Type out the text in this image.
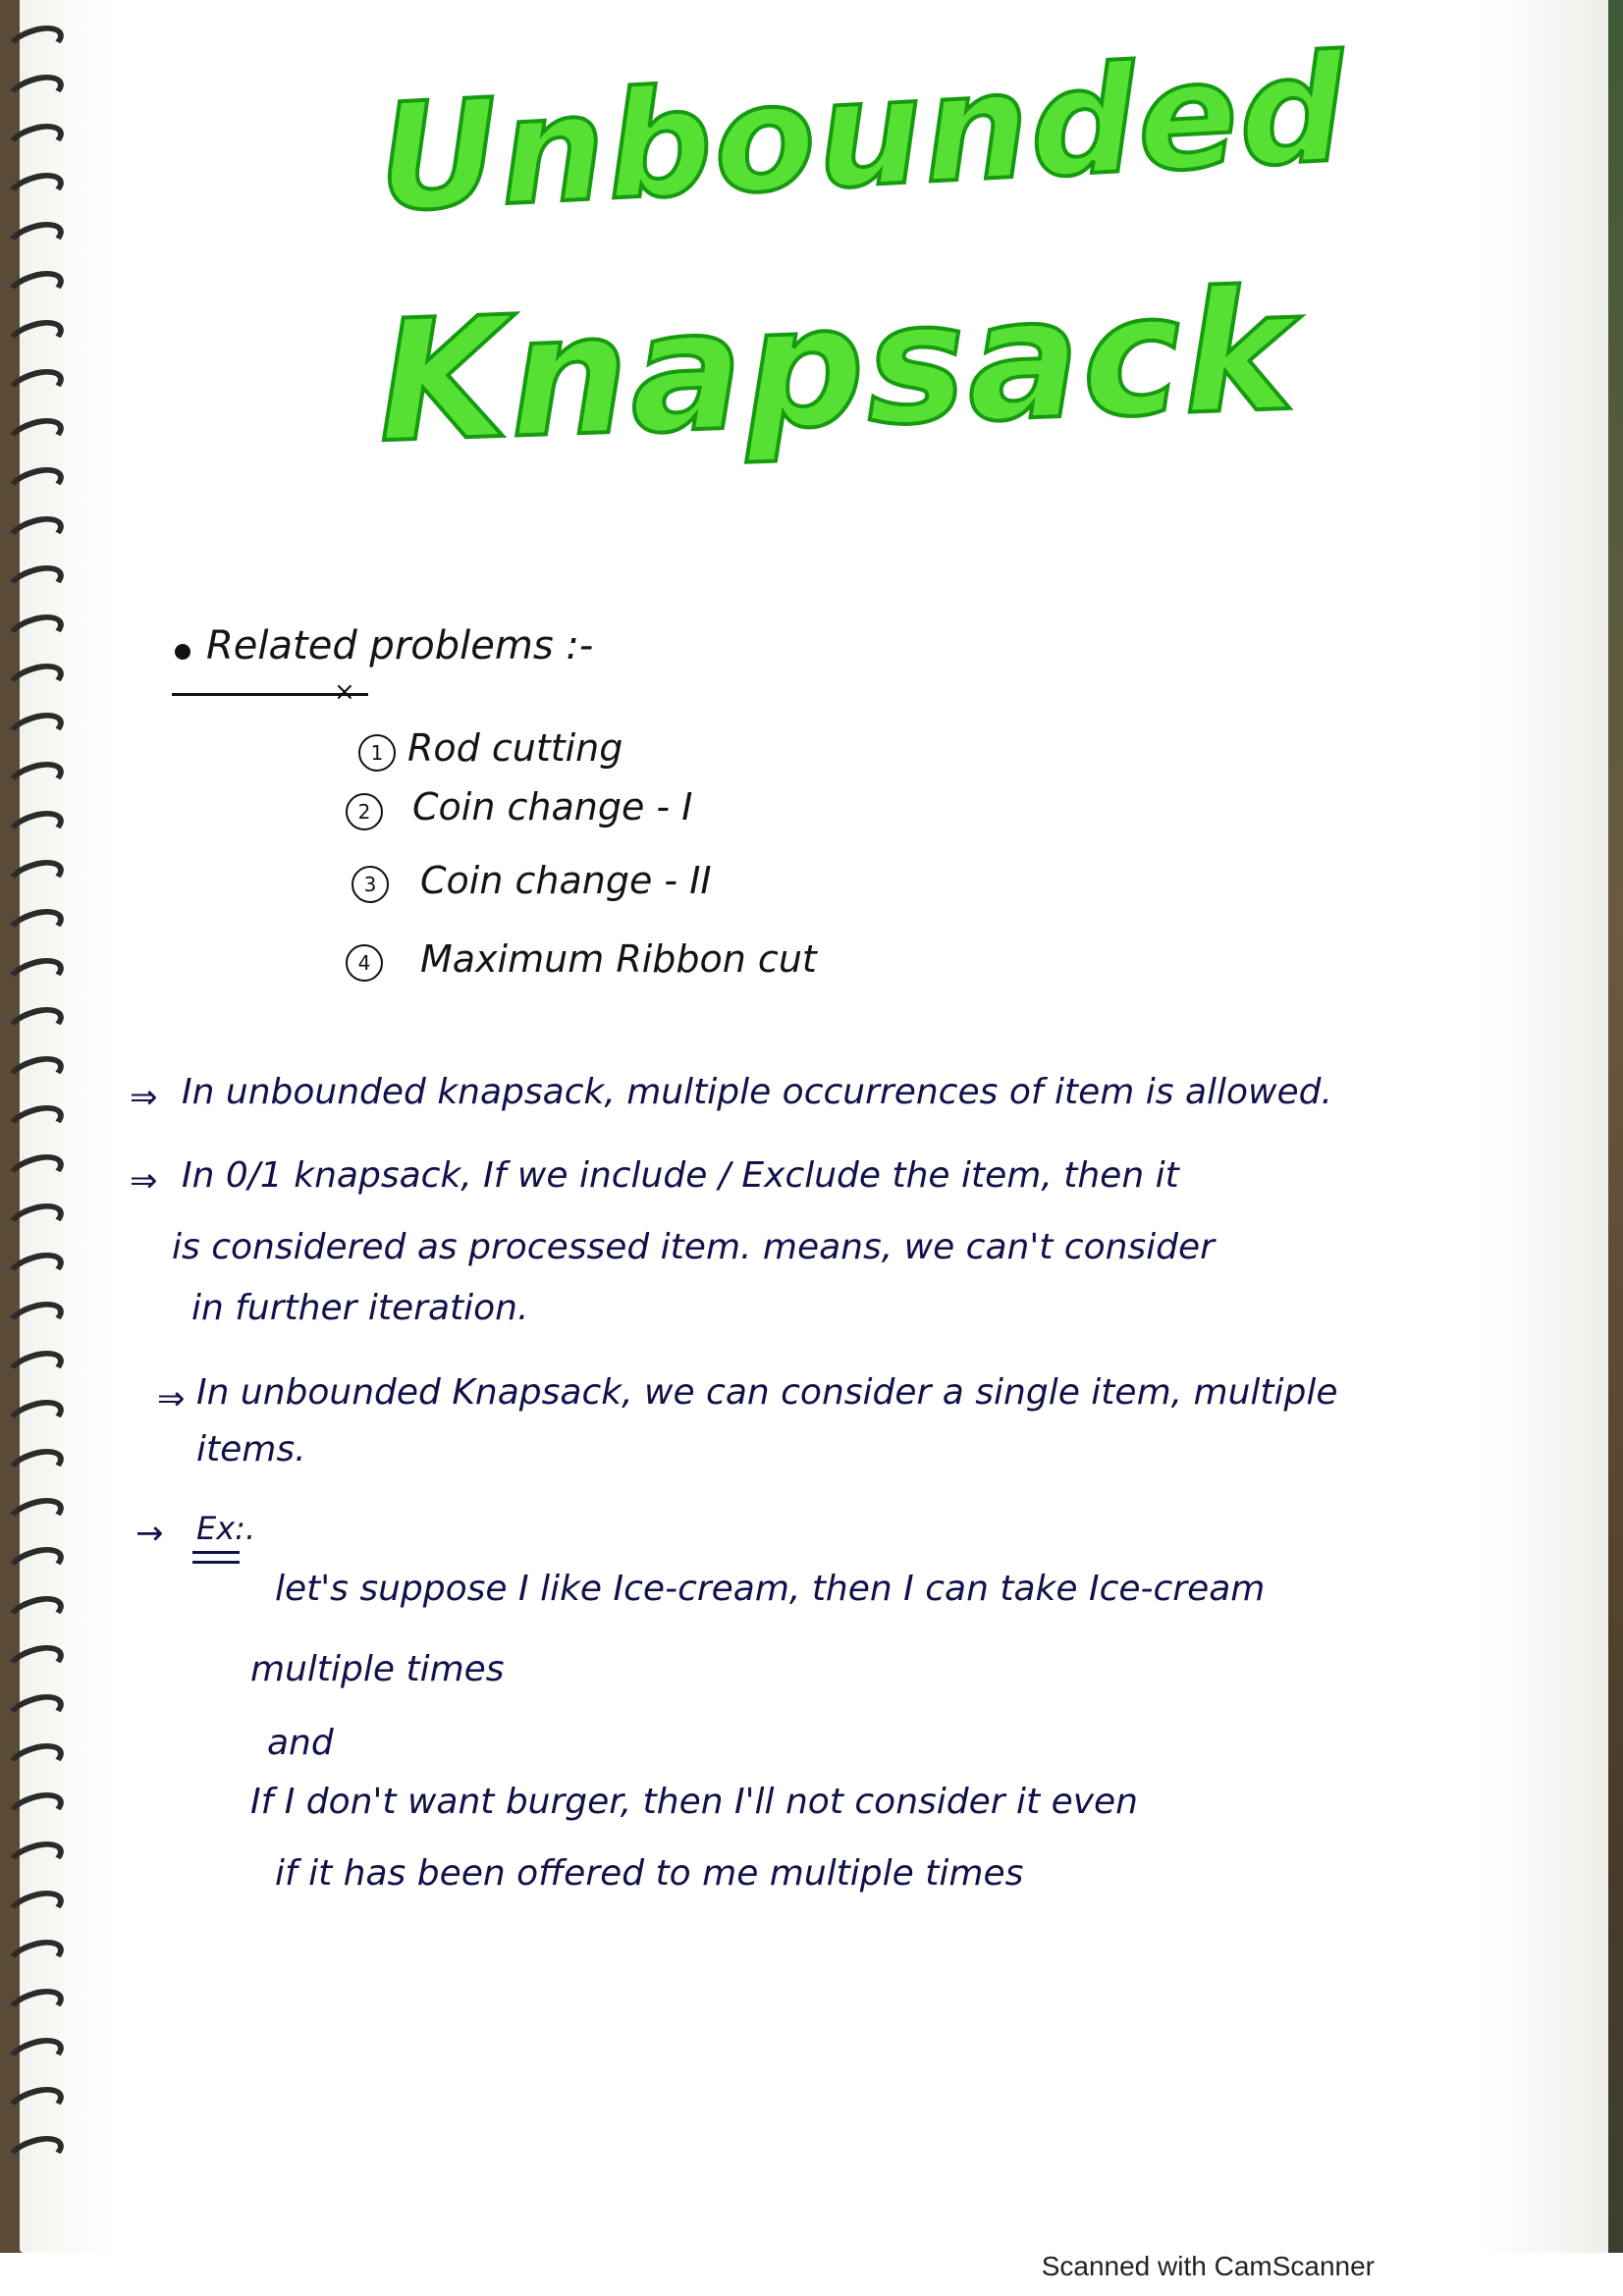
Unbounded
Knapsack
Related problems :-
×
1 Rod cutting
2	Coin change - I
3	Coin change - II
4	Maximum Ribbon cut
⇒ In unbounded knapsack, multiple occurrences of item is allowed.
⇒ In 0/1 knapsack, If we include / Exclude the item, then it
is considered as processed item. means, we can't consider
in further iteration.
⇒ In unbounded Knapsack, we can consider a single item, multiple
items.
→ Ex:.
let's suppose I like Ice-cream, then I can take Ice-cream
multiple times
and
If I don't want burger, then I'll not consider it even
if it has been offered to me multiple times
Scanned with CamScanner
